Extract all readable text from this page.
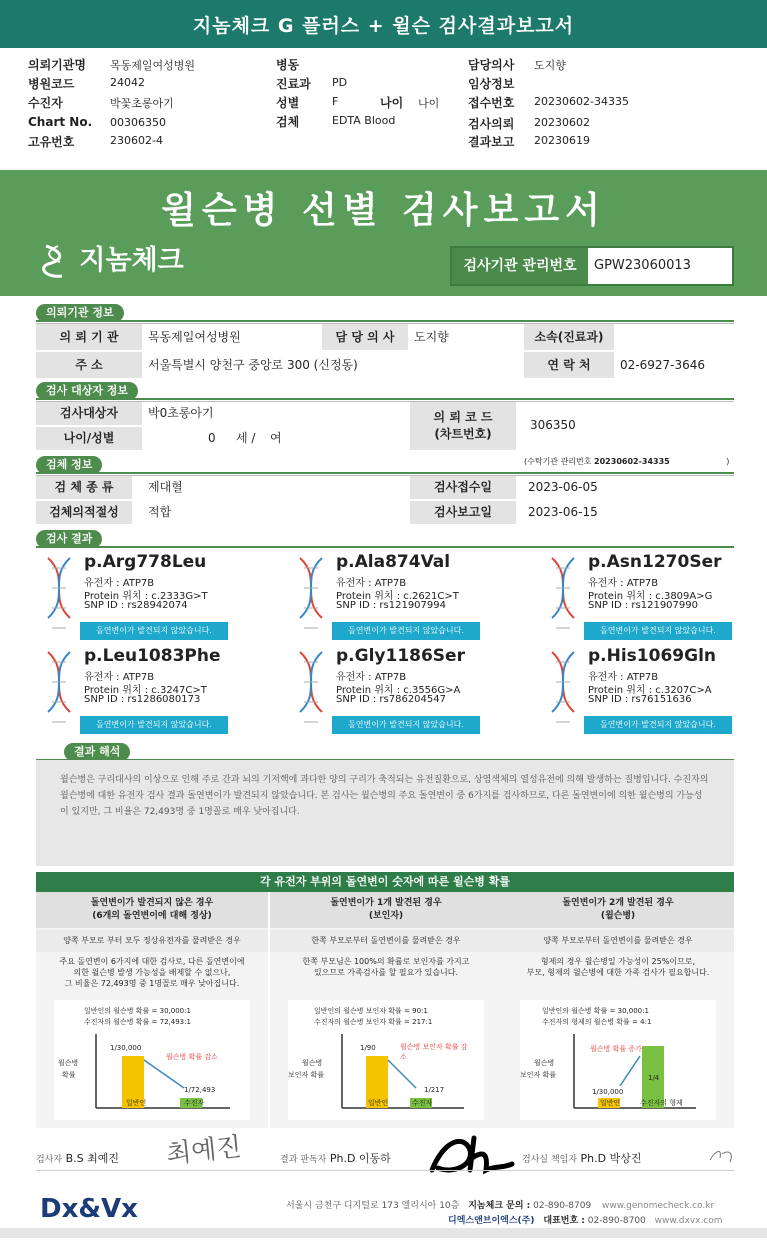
지놈체크 G 플러스 + 윌슨 검사결과보고서
의뢰기관명 목동제일여성병원
병원코드	24042
수진자	박꽃초롱아기
Chart No. 00306350
고유번호	230602-4
병동
진료과 PD
성별	F	나이 나이
검체	EDTA Blood
담당의사 도지향
임상정보
접수번호 20230602-34335
검사의뢰 20230602
결과보고 20230619
윌슨병 선별 검사보고서
지놈체크	검사기관 관리번호	GPW23060013
의뢰기관 정보
의 뢰 기 관	목동제일여성병원	담 당 의 사	도지향	소속(진료과)
주 소	서울특별시 양천구 중앙로 300 (신정동)	연 락 처	02-6927-3646
검사 대상자 정보
검사대상자	박0초롱아기
나이/성별	0	세 /	여
의 뢰 코 드
(차트번호)
306350
검체 정보	(수탁기관 관리번호 20230602-34335	)
검 체 종 류	제대혈	검사접수일	2023-06-05
검체의적절성	적합	검사보고일	2023-06-15
검사 결과
p.Arg778Leu
유전자 : ATP7B
Protein 위치 : c.2333G>T
SNP ID : rs28942074
돌연변이가 발견되지 않았습니다.
p.Ala874Val
유전자 : ATP7B
Protein 위치 : c.2621C>T
SNP ID : rs121907994
돌연변이가 발견되지 않았습니다.
p.Asn1270Ser
유전자 : ATP7B
Protein 위치 : c.3809A>G
SNP ID : rs121907990
돌연변이가 발견되지 않았습니다.
p.Leu1083Phe
유전자 : ATP7B
Protein 위치 : c.3247C>T
SNP ID : rs1286080173
돌연변이가 발견되지 않았습니다.
p.Gly1186Ser
유전자 : ATP7B
Protein 위치 : c.3556G>A
SNP ID : rs786204547
돌연변이가 발견되지 않았습니다.
p.His1069Gln
유전자 : ATP7B
Protein 위치 : c.3207C>A
SNP ID : rs76151636
돌연변이가 발견되지 않았습니다.
결과 해석
윌슨병은 구리대사의 이상으로 인해 주로 간과 뇌의 기저핵에 과다한 양의 구리가 축적되는 유전질환으로, 상염색체의 열성유전에 의해 발생하는 질병입니다. 수진자의 윌슨병에 대한 유전자 검사 결과 돌연변이가 발견되지 않았습니다. 본 검사는 윌슨병의 주요 돌연변이 중 6가지를 검사하므로, 다른 돌연변이에 의한 윌슨병의 가능성이 있지만, 그 비율은 72,493명 중 1명꼴로 매우 낮아집니다.
각 유전자 부위의 돌연변이 숫자에 따른 윌슨병 확률
돌연변이가 발견되지 않은 경우
(6개의 돌연변이에 대해 정상)
양쪽 부모로 부터 모두 정상유전자를 물려받은 경우
주요 돌연변이 6가지에 대한 검사로, 다른 돌연변이에
의한 윌슨병 발생 가능성을 배제할 수 없으나,
그 비율은 72,493명 중 1명꼴로 매우 낮아집니다.
일반인의 윌슨병 확률 = 30,000:1
수진자의 윌슨병 확률 = 72,493:1
윌슨병
확률
1/30,000
윌슨병 확률 감소
1/72,493
일반인	수진자
돌연변이가 1개 발견된 경우
(보인자)
한쪽 부모로부터 돌연변이를 물려받은 경우
한쪽 부모님은 100%의 확률로 보인자를 가지고
있으므로 가족검사를 할 필요가 있습니다.
일반인의 윌슨병 보인자 확률 = 90:1
수진자의 윌슨병 보인자 확률 = 217:1
윌슨병
보인자 확률
1/90	윌슨병 보인자 확률 감소
1/217
일반인	수진자
돌연변이가 2개 발견된 경우
(윌슨병)
양쪽 부모로부터 돌연변이를 물려받은 경우
형제의 경우 윌슨병일 가능성이 25%이므로,
부모, 형제의 윌슨병에 대한 가족 검사가 필요합니다.
일반인의 윌슨병 확률 = 30,000:1
수진자의 형제의 윌슨병 확률 = 4:1
윌슨병
보인자 확률
1/30,000
윌슨병 확률 증가
1/4
일반인	수진자의 형제
검사자 B.S 최예진 최예진	결과 판독자 Ph.D 이동하	검사실 책임자 Ph.D 박상진
Dx&Vx	서울시 금천구 디지털로 173 엘리시아 10층 지놈체크 문의 : 02-890-8709 www.genomecheck.co.kr
디엑스앤브이엑스(주) 대표번호 : 02-890-8700 www.dxvx.com
